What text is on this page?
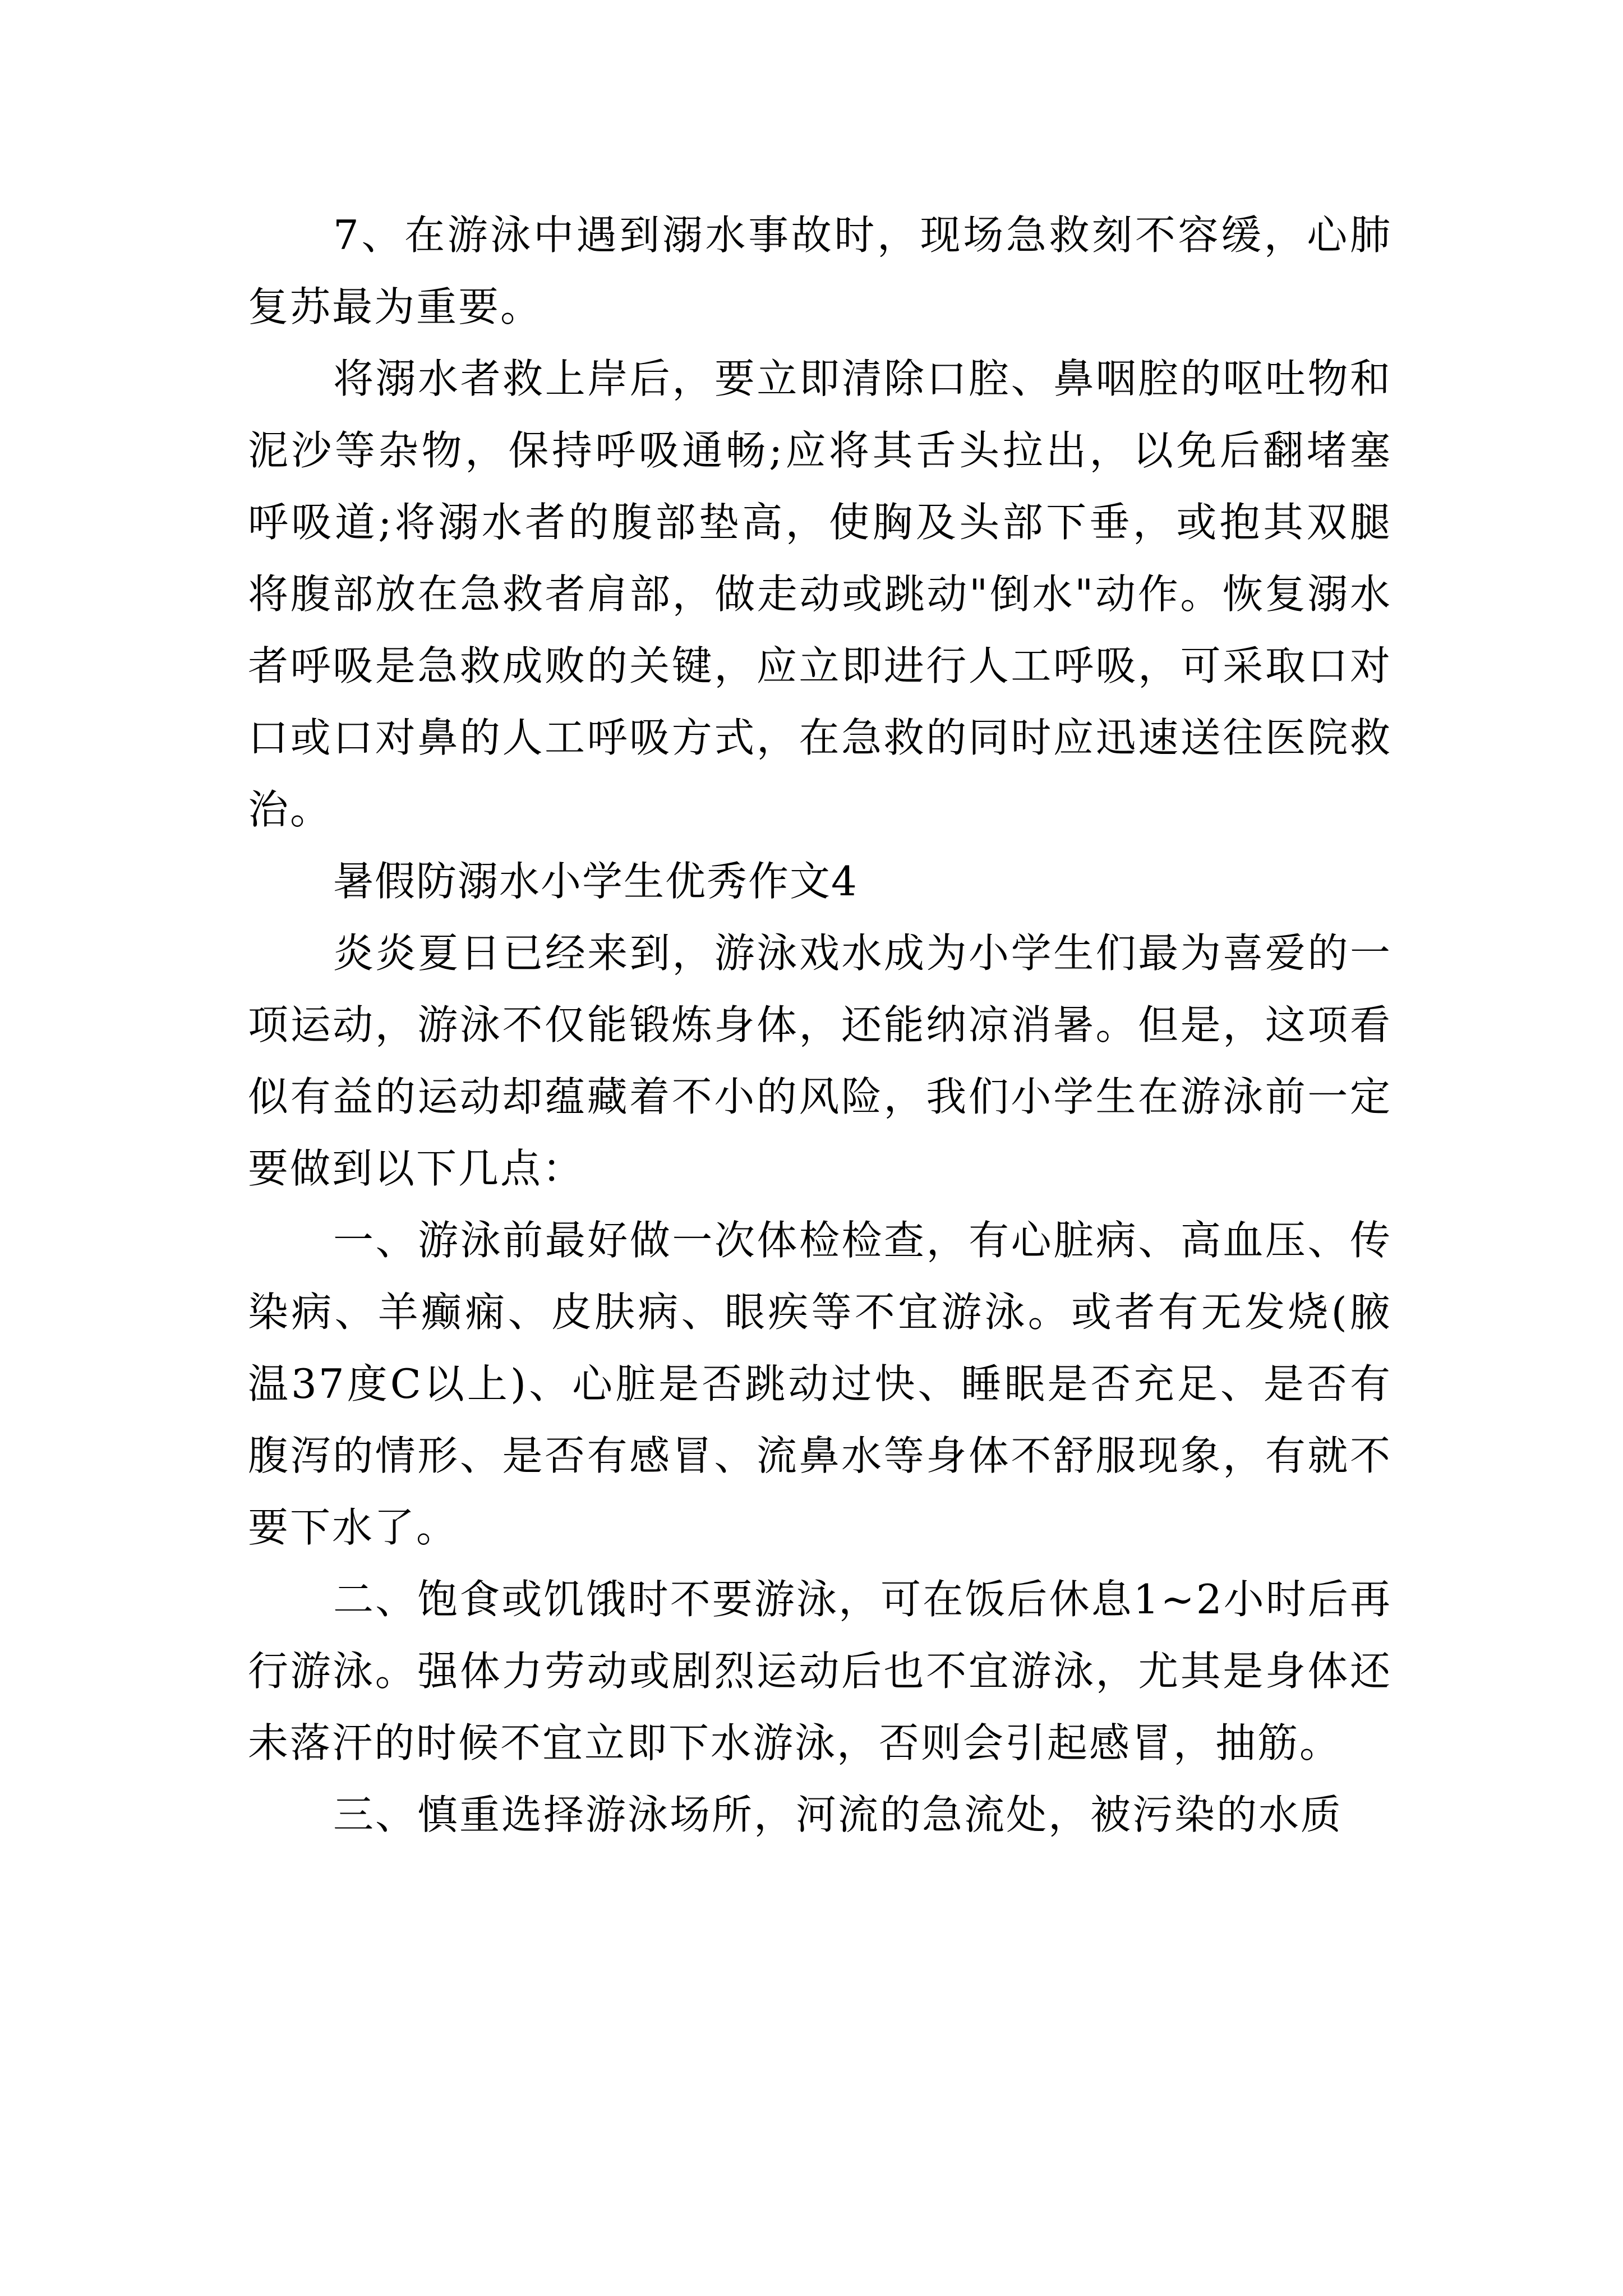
7、在游泳中遇到溺水事故时，现场急救刻不容缓，心肺复苏最为重要。

将溺水者救上岸后，要立即清除口腔、鼻咽腔的呕吐物和泥沙等杂物，保持呼吸通畅;应将其舌头拉出，以免后翻堵塞呼吸道;将溺水者的腹部垫高，使胸及头部下垂，或抱其双腿将腹部放在急救者肩部，做走动或跳动"倒水"动作。恢复溺水者呼吸是急救成败的关键，应立即进行人工呼吸，可采取口对口或口对鼻的人工呼吸方式，在急救的同时应迅速送往医院救治。

暑假防溺水小学生优秀作文4

炎炎夏日已经来到，游泳戏水成为小学生们最为喜爱的一项运动，游泳不仅能锻炼身体，还能纳凉消暑。但是，这项看似有益的运动却蕴藏着不小的风险，我们小学生在游泳前一定要做到以下几点：

一、游泳前最好做一次体检检查，有心脏病、高血压、传染病、羊癫痫、皮肤病、眼疾等不宜游泳。或者有无发烧(腋温37度C以上)、心脏是否跳动过快、睡眠是否充足、是否有腹泻的情形、是否有感冒、流鼻水等身体不舒服现象，有就不要下水了。

二、饱食或饥饿时不要游泳，可在饭后休息1~2小时后再行游泳。强体力劳动或剧烈运动后也不宜游泳，尤其是身体还未落汗的时候不宜立即下水游泳，否则会引起感冒，抽筋。

三、慎重选择游泳场所，河流的急流处，被污染的水质
